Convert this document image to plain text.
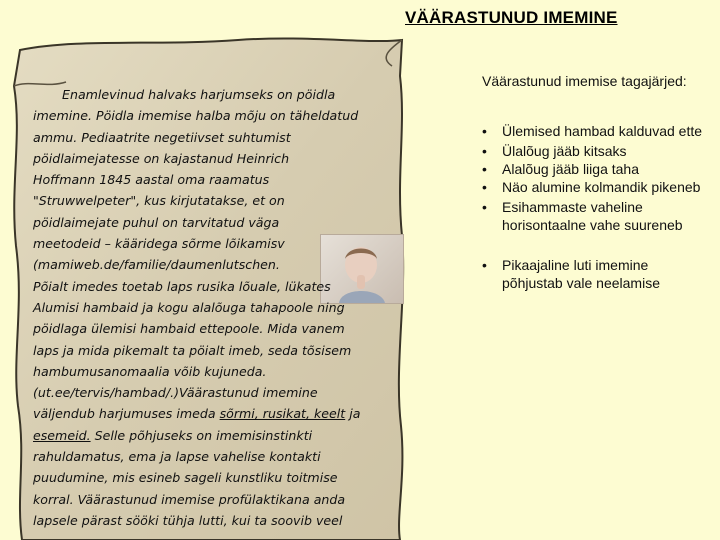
VÄÄRASTUNUD IMEMINE
Enamlevinud halvaks harjumseks on pöidla
imemine. Pöidla imemise halba mõju on täheldatud
ammu. Pediaatrite negetiivset suhtumist
pöidlaimejatesse on kajastanud Heinrich
Hoffmann 1845 aastal oma raamatus
"Struwwelpeter", kus kirjutatakse, et on
pöidlaimejate puhul on tarvitatud väga
meetodeid – kääridega sõrme lõikamisv
(mamiweb.de/familie/daumenlutschen.
Põialt imedes toetab laps rusika lõuale, lükates
Alumisi hambaid ja kogu alalõuga tahapoole ning
pöidlaga ülemisi hambaid ettepoole. Mida vanem
laps ja mida pikemalt ta pöialt imeb, seda tõsisem
hambumusanomaalia võib kujuneda.
(ut.ee/tervis/hambad/.)Väärastunud imemine
väljendub harjumuses imeda sõrmi, rusikat, keelt ja
esemeid. Selle põhjuseks on imemisinstinkti
rahuldamatus, ema ja lapse vahelise kontakti
puudumine, mis esineb sageli kunstliku toitmise
korral. Väärastunud imemise profülaktikana anda
lapsele pärast sööki tühja lutti, kui ta soovib veel

Väärastunud imemise tagajärjed:

• Ülemised hambad kalduvad ette
• Ülalõug jääb kitsaks
• Alalõug jääb liiga taha
• Näo alumine kolmandik pikeneb
• Esihammaste vaheline horisontaalne vahe suureneb
• Pikaajaline luti imemine põhjustab vale neelamise
